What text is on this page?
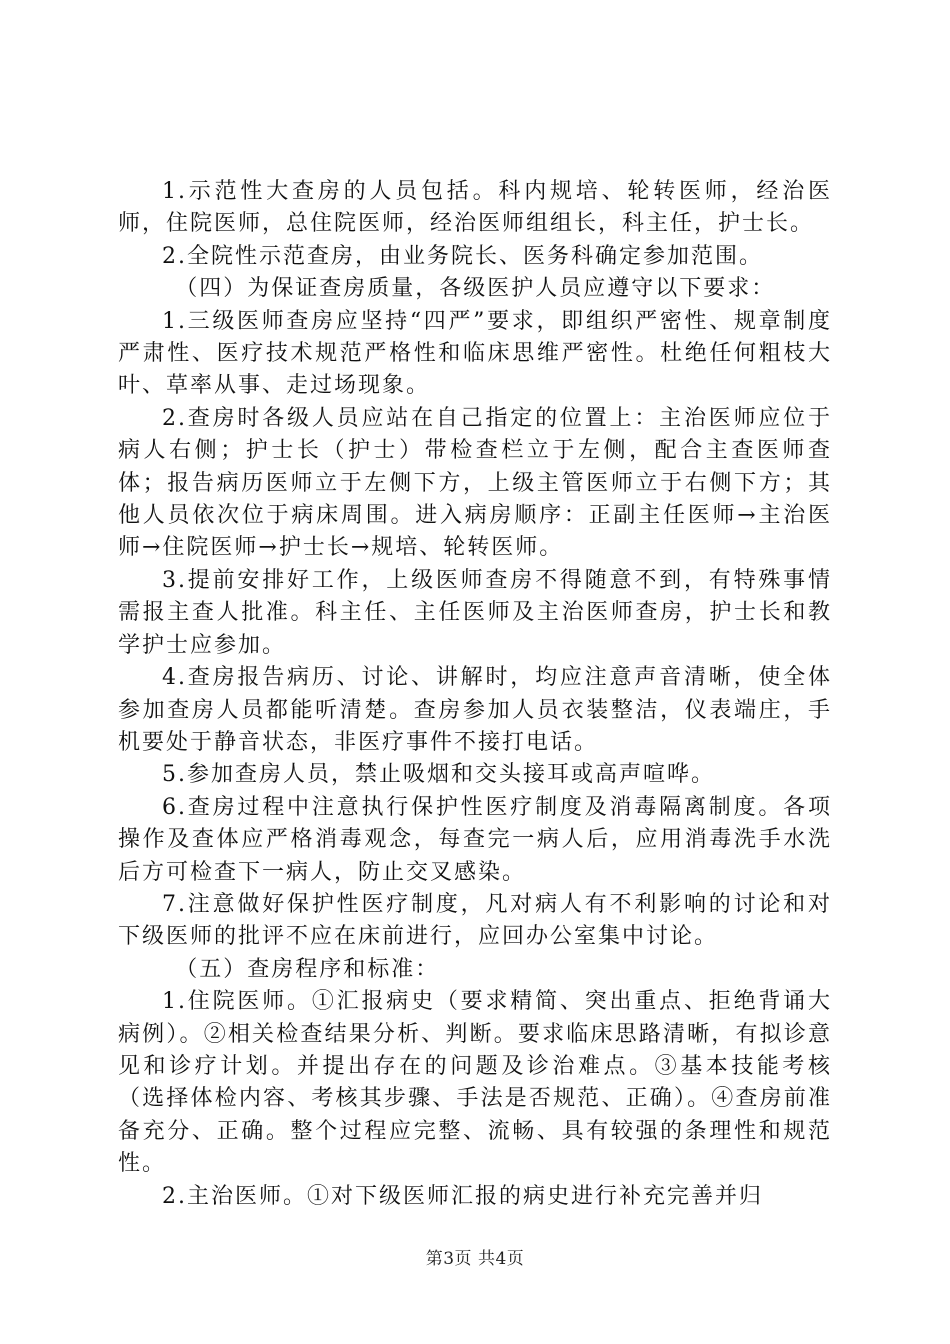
1.示范性大查房的人员包括。科内规培、轮转医师，经治医师，住院医师，总住院医师，经治医师组组长，科主任，护士长。

2.全院性示范查房，由业务院长、医务科确定参加范围。

（四）为保证查房质量，各级医护人员应遵守以下要求：

1.三级医师查房应坚持“四严”要求，即组织严密性、规章制度严肃性、医疗技术规范严格性和临床思维严密性。杜绝任何粗枝大叶、草率从事、走过场现象。

2.查房时各级人员应站在自己指定的位置上：主治医师应位于病人右侧；护士长（护士）带检查栏立于左侧，配合主查医师查体；报告病历医师立于左侧下方，上级主管医师立于右侧下方；其他人员依次位于病床周围。进入病房顺序：正副主任医师→主治医师→住院医师→护士长→规培、轮转医师。

3.提前安排好工作，上级医师查房不得随意不到，有特殊事情需报主查人批准。科主任、主任医师及主治医师查房，护士长和教学护士应参加。

4.查房报告病历、讨论、讲解时，均应注意声音清晰，使全体参加查房人员都能听清楚。查房参加人员衣装整洁，仪表端庄，手机要处于静音状态，非医疗事件不接打电话。

5.参加查房人员，禁止吸烟和交头接耳或高声喧哗。

6.查房过程中注意执行保护性医疗制度及消毒隔离制度。各项操作及查体应严格消毒观念，每查完一病人后，应用消毒洗手水洗后方可检查下一病人，防止交叉感染。

7.注意做好保护性医疗制度，凡对病人有不利影响的讨论和对下级医师的批评不应在床前进行，应回办公室集中讨论。

（五）查房程序和标准：

1.住院医师。①汇报病史（要求精简、突出重点、拒绝背诵大病例）。②相关检查结果分析、判断。要求临床思路清晰，有拟诊意见和诊疗计划。并提出存在的问题及诊治难点。③基本技能考核（选择体检内容、考核其步骤、手法是否规范、正确）。④查房前准备充分、正确。整个过程应完整、流畅、具有较强的条理性和规范性。

2.主治医师。①对下级医师汇报的病史进行补充完善并归

第3页 共4页
